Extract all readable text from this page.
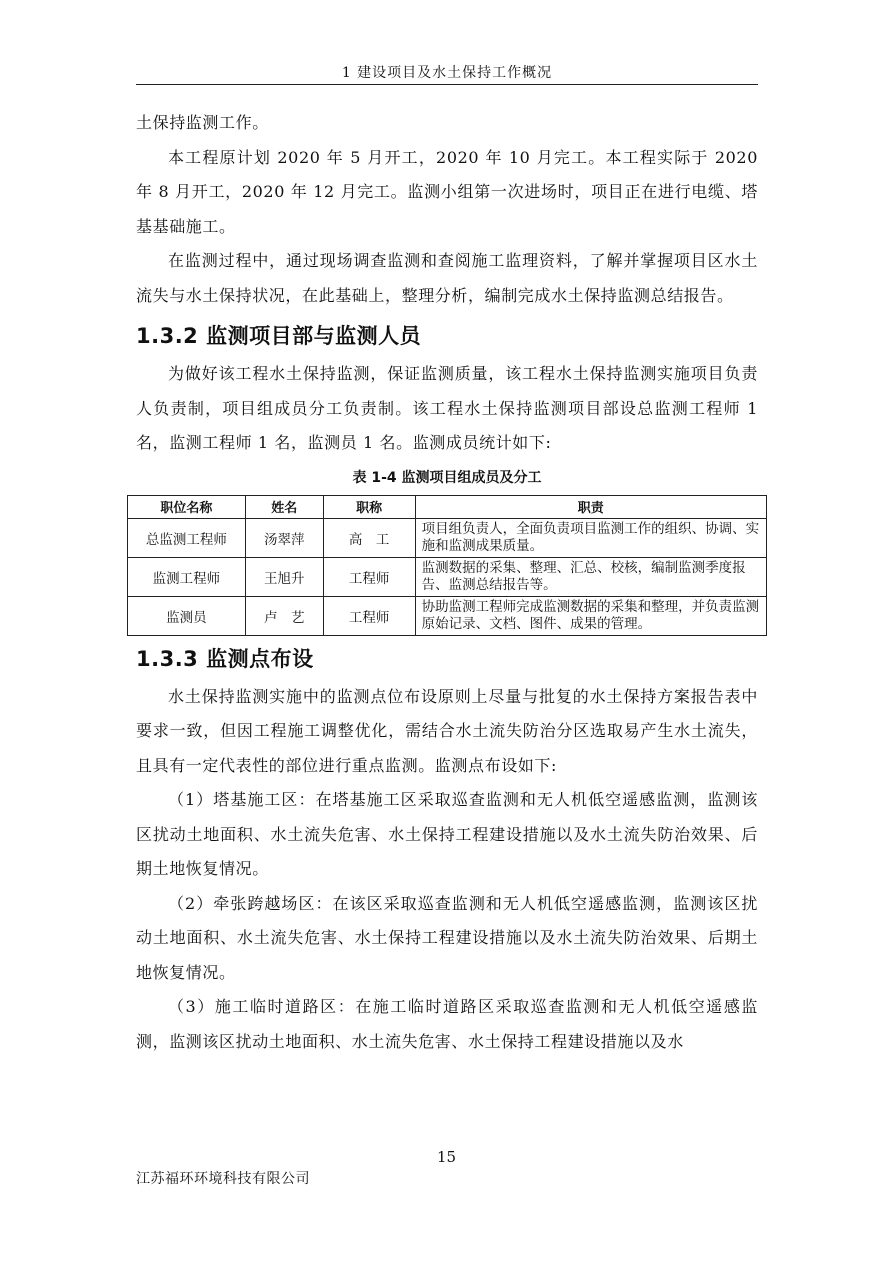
1 建设项目及水土保持工作概况

土保持监测工作。

本工程原计划 2020 年 5 月开工，2020 年 10 月完工。本工程实际于 2020 年 8 月开工，2020 年 12 月完工。监测小组第一次进场时，项目正在进行电缆、塔基基础施工。

在监测过程中，通过现场调查监测和查阅施工监理资料，了解并掌握项目区水土流失与水土保持状况，在此基础上，整理分析，编制完成水土保持监测总结报告。

1.3.2 监测项目部与监测人员

为做好该工程水土保持监测，保证监测质量，该工程水土保持监测实施项目负责人负责制，项目组成员分工负责制。该工程水土保持监测项目部设总监测工程师 1 名，监测工程师 1 名，监测员 1 名。监测成员统计如下:

表 1-4 监测项目组成员及分工
职位名称	姓名	职称	职责
总监测工程师	汤翠萍	高　工	项目组负责人，全面负责项目监测工作的组织、协调、实施和监测成果质量。
监测工程师	王旭升	工程师	监测数据的采集、整理、汇总、校核，编制监测季度报告、监测总结报告等。
监测员	卢　艺	工程师	协助监测工程师完成监测数据的采集和整理，并负责监测原始记录、文档、图件、成果的管理。
1.3.3 监测点布设

水土保持监测实施中的监测点位布设原则上尽量与批复的水土保持方案报告表中要求一致，但因工程施工调整优化，需结合水土流失防治分区选取易产生水土流失，且具有一定代表性的部位进行重点监测。监测点布设如下:

（1）塔基施工区：在塔基施工区采取巡查监测和无人机低空遥感监测，监测该区扰动土地面积、水土流失危害、水土保持工程建设措施以及水土流失防治效果、后期土地恢复情况。

（2）牵张跨越场区：在该区采取巡查监测和无人机低空遥感监测，监测该区扰动土地面积、水土流失危害、水土保持工程建设措施以及水土流失防治效果、后期土地恢复情况。

（3）施工临时道路区：在施工临时道路区采取巡查监测和无人机低空遥感监测，监测该区扰动土地面积、水土流失危害、水土保持工程建设措施以及水

15
江苏福环环境科技有限公司
